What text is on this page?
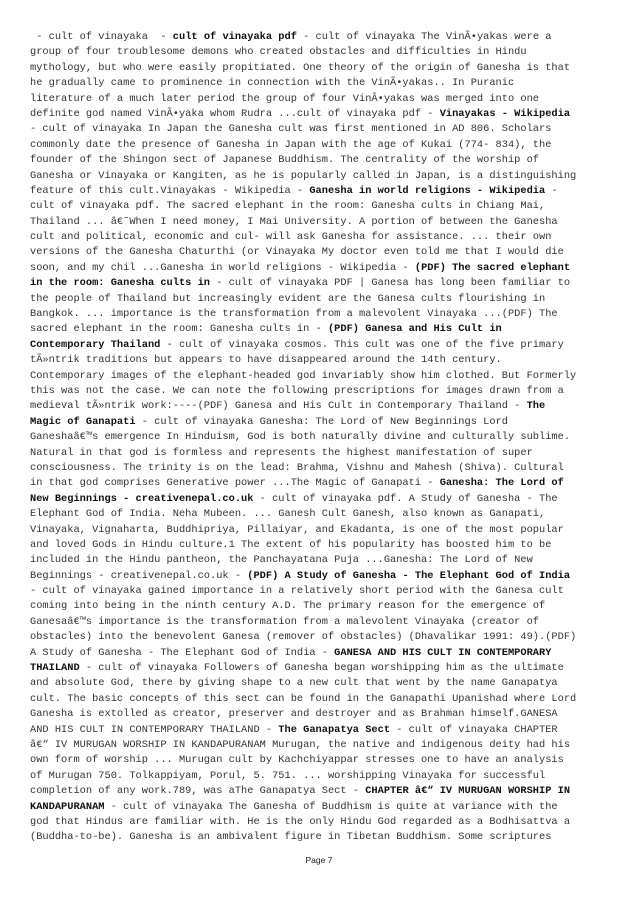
- cult of vinayaka  - cult of vinayaka pdf - cult of vinayaka The VinÃ•yakas were a
group of four troublesome demons who created obstacles and difficulties in Hindu
mythology, but who were easily propitiated. One theory of the origin of Ganesha is that
he gradually came to prominence in connection with the VinÃ•yakas.. In Puranic
literature of a much later period the group of four VinÃ•yakas was merged into one
definite god named VinÃ•yaka whom Rudra ...cult of vinayaka pdf - Vinayakas - Wikipedia
- cult of vinayaka In Japan the Ganesha cult was first mentioned in AD 806. Scholars
commonly date the presence of Ganesha in Japan with the age of Kukai (774- 834), the
founder of the Shingon sect of Japanese Buddhism. The centrality of the worship of
Ganesha or Vinayaka or Kangiten, as he is popularly called in Japan, is a distinguishing
feature of this cult.Vinayakas - Wikipedia - Ganesha in world religions - Wikipedia -
cult of vinayaka pdf. The sacred elephant in the room: Ganesha cults in Chiang Mai,
Thailand ... â€˜When I need money, I Mai University. A portion of between the Ganesha
cult and political, economic and cul- will ask Ganesha for assistance. ... their own
versions of the Ganesha Chaturthi (or Vinayaka My doctor even told me that I would die
soon, and my chil ...Ganesha in world religions - Wikipedia - (PDF) The sacred elephant
in the room: Ganesha cults in - cult of vinayaka PDF | Ganesa has long been familiar to
the people of Thailand but increasingly evident are the Ganesa cults flourishing in
Bangkok. ... importance is the transformation from a malevolent Vinayaka ...(PDF) The
sacred elephant in the room: Ganesha cults in - (PDF) Ganesa and His Cult in
Contemporary Thailand - cult of vinayaka cosmos. This cult was one of the five primary
tÃ»ntrik traditions but appears to have disappeared around the 14th century.
Contemporary images of the elephant-headed god invariably show him clothed. But Formerly
this was not the case. We can note the following prescriptions for images drawn from a
medieval tÃ»ntrik work:----(PDF) Ganesa and His Cult in Contemporary Thailand - The
Magic of Ganapati - cult of vinayaka Ganesha: The Lord of New Beginnings Lord
Ganeshaâ€™s emergence In Hinduism, God is both naturally divine and culturally sublime.
Natural in that god is formless and represents the highest manifestation of super
consciousness. The trinity is on the lead: Brahma, Vishnu and Mahesh (Shiva). Cultural
in that god comprises Generative power ...The Magic of Ganapati - Ganesha: The Lord of
New Beginnings - creativenepal.co.uk - cult of vinayaka pdf. A Study of Ganesha - The
Elephant God of India. Neha Mubeen. ... Ganesh Cult Ganesh, also known as Ganapati,
Vinayaka, Vignaharta, Buddhipriya, Pillaiyar, and Ekadanta, is one of the most popular
and loved Gods in Hindu culture.1 The extent of his popularity has boosted him to be
included in the Hindu pantheon, the Panchayatana Puja ...Ganesha: The Lord of New
Beginnings - creativenepal.co.uk - (PDF) A Study of Ganesha - The Elephant God of India
- cult of vinayaka gained importance in a relatively short period with the Ganesa cult
coming into being in the ninth century A.D. The primary reason for the emergence of
Ganesaâ€™s importance is the transformation from a malevolent Vinayaka (creator of
obstacles) into the benevolent Ganesa (remover of obstacles) (Dhavalikar 1991: 49).(PDF)
A Study of Ganesha - The Elephant God of India - GANESA AND HIS CULT IN CONTEMPORARY
THAILAND - cult of vinayaka Followers of Ganesha began worshipping him as the ultimate
and absolute God, there by giving shape to a new cult that went by the name Ganapatya
cult. The basic concepts of this sect can be found in the Ganapathi Upanishad where Lord
Ganesha is extolled as creator, preserver and destroyer and as Brahman himself.GANESA
AND HIS CULT IN CONTEMPORARY THAILAND - The Ganapatya Sect - cult of vinayaka CHAPTER
â€“ IV MURUGAN WORSHIP IN KANDAPURANAM Murugan, the native and indigenous deity had his
own form of worship ... Murugan cult by Kachchiyappar stresses one to have an analysis
of Murugan 750. Tolkappiyam, Porul, 5. 751. ... worshipping Vinayaka for successful
completion of any work.789, was aThe Ganapatya Sect - CHAPTER â€“ IV MURUGAN WORSHIP IN
KANDAPURANAM - cult of vinayaka The Ganesha of Buddhism is quite at variance with the
god that Hindus are familiar with. He is the only Hindu God regarded as a Bodhisattva a
(Buddha-to-be). Ganesha is an ambivalent figure in Tibetan Buddhism. Some scriptures
Page 7
